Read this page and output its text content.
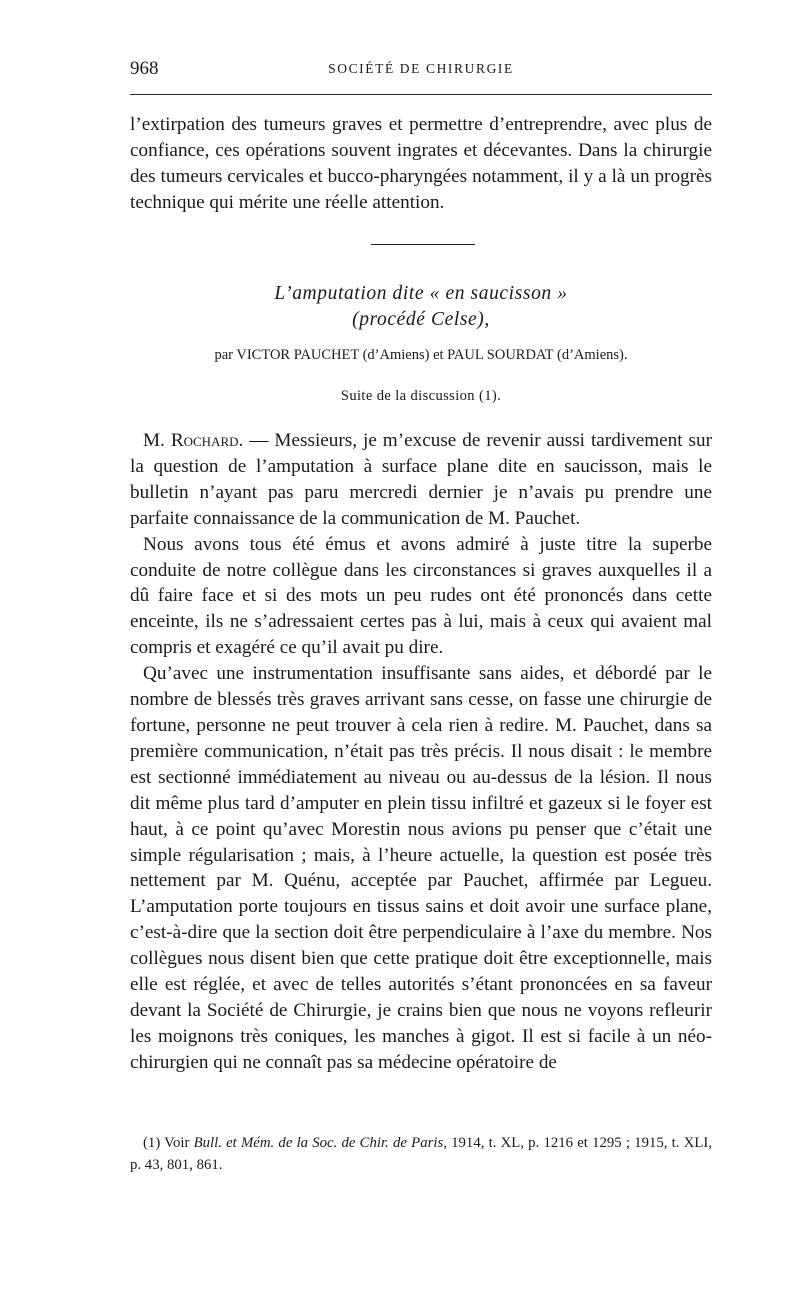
968	SOCIÉTÉ DE CHIRURGIE

l’extirpation des tumeurs graves et permettre d’entreprendre, avec plus de confiance, ces opérations souvent ingrates et décevantes. Dans la chirurgie des tumeurs cervicales et bucco-pharyngées notamment, il y a là un progrès technique qui mérite une réelle attention.

L’amputation dite « en saucisson »
(procédé Celse),
par VICTOR PAUCHET (d’Amiens) et PAUL SOURDAT (d’Amiens).
Suite de la discussion (1).

M. Rochard. — Messieurs, je m’excuse de revenir aussi tardivement sur la question de l’amputation à surface plane dite en saucisson, mais le bulletin n’ayant pas paru mercredi dernier je n’avais pu prendre une parfaite connaissance de la communication de M. Pauchet.

Nous avons tous été émus et avons admiré à juste titre la superbe conduite de notre collègue dans les circonstances si graves auxquelles il a dû faire face et si des mots un peu rudes ont été prononcés dans cette enceinte, ils ne s’adressaient certes pas à lui, mais à ceux qui avaient mal compris et exagéré ce qu’il avait pu dire.

Qu’avec une instrumentation insuffisante sans aides, et débordé par le nombre de blessés très graves arrivant sans cesse, on fasse une chirurgie de fortune, personne ne peut trouver à cela rien à redire. M. Pauchet, dans sa première communication, n’était pas très précis. Il nous disait : le membre est sectionné immédiatement au niveau ou au-dessus de la lésion. Il nous dit même plus tard d’amputer en plein tissu infiltré et gazeux si le foyer est haut, à ce point qu’avec Morestin nous avions pu penser que c’était une simple régularisation ; mais, à l’heure actuelle, la question est posée très nettement par M. Quénu, acceptée par Pauchet, affirmée par Legueu. L’amputation porte toujours en tissus sains et doit avoir une surface plane, c’est-à-dire que la section doit être perpendiculaire à l’axe du membre. Nos collègues nous disent bien que cette pratique doit être exceptionnelle, mais elle est réglée, et avec de telles autorités s’étant prononcées en sa faveur devant la Société de Chirurgie, je crains bien que nous ne voyons refleurir les moignons très coniques, les manches à gigot. Il est si facile à un néo-chirurgien qui ne connaît pas sa médecine opératoire de

(1) Voir Bull. et Mém. de la Soc. de Chir. de Paris, 1914, t. XL, p. 1216 et 1295 ; 1915, t. XLI, p. 43, 801, 861.
